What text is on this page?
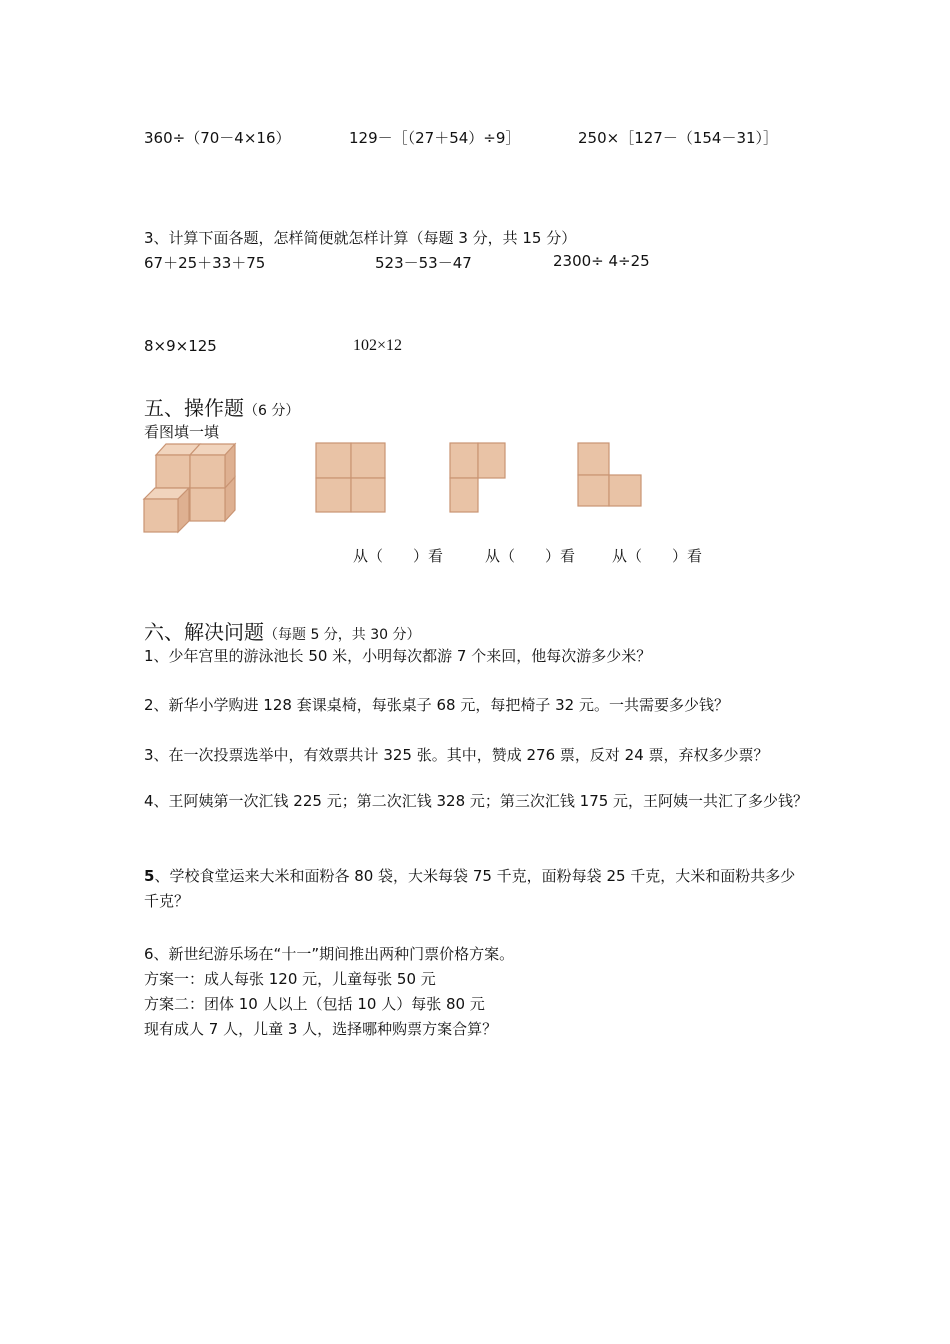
360÷（70－4×16）	129－［（27＋54）÷9］	250×［127－（154－31）］
3、计算下面各题，怎样简便就怎样计算（每题 3 分，共 15 分）
67＋25＋33＋75	523－53－47	2300÷ 4÷25
8×9×125	102×12
五、操作题（6 分）
看图填一填
从（　　）看	从（　　）看 从（　　）看
六、解决问题（每题 5 分，共 30 分）
1、少年宫里的游泳池长 50 米，小明每次都游 7 个来回，他每次游多少米？
2、新华小学购进 128 套课桌椅，每张桌子 68 元，每把椅子 32 元。一共需要多少钱？
3、在一次投票选举中，有效票共计 325 张。其中，赞成 276 票，反对 24 票，弃权多少票？
4、王阿姨第一次汇钱 225 元；第二次汇钱 328 元；第三次汇钱 175 元，王阿姨一共汇了多少钱？
5、学校食堂运来大米和面粉各 80 袋，大米每袋 75 千克，面粉每袋 25 千克，大米和面粉共多少千克？
6、新世纪游乐场在“十一”期间推出两种门票价格方案。
方案一：成人每张 120 元，儿童每张 50 元
方案二：团体 10 人以上（包括 10 人）每张 80 元
现有成人 7 人，儿童 3 人，选择哪种购票方案合算？
